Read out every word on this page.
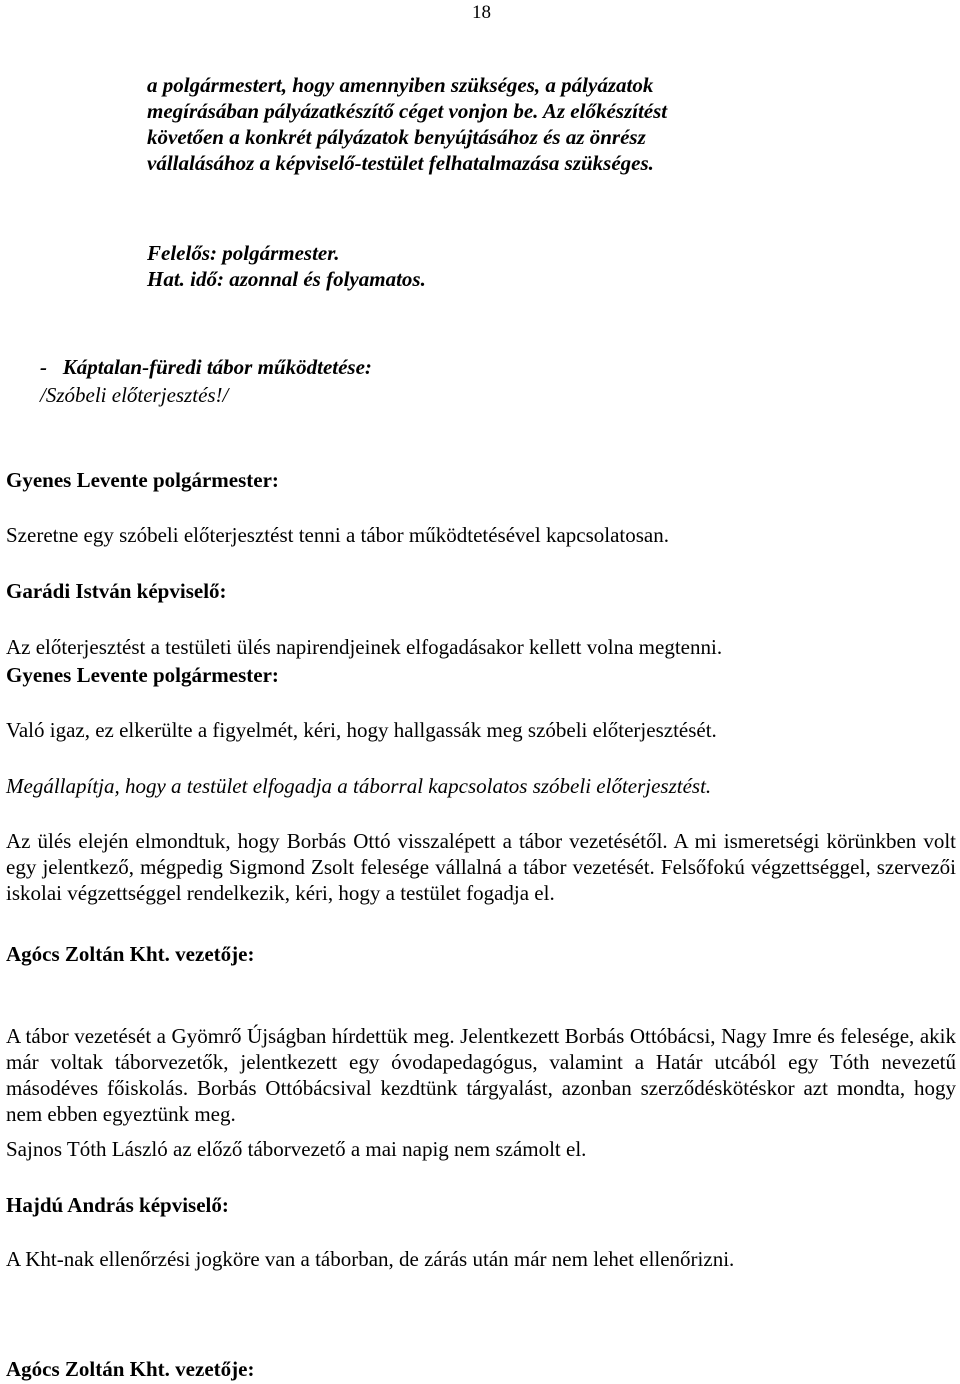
18
a polgármestert, hogy amennyiben szükséges, a pályázatok
megírásában pályázatkészítő céget vonjon be. Az előkészítést
követően a konkrét pályázatok benyújtásához és az önrész
vállalásához a képviselő-testület felhatalmazása szükséges.
Felelős: polgármester.
Hat. idő: azonnal és folyamatos.
-   Káptalan-füredi tábor működtetése:
/Szóbeli előterjesztés!/
Gyenes Levente polgármester:
Szeretne egy szóbeli előterjesztést tenni a tábor működtetésével kapcsolatosan.
Garádi István képviselő:
Az előterjesztést a testületi ülés napirendjeinek elfogadásakor kellett volna megtenni.
Gyenes Levente polgármester:
Való igaz, ez elkerülte a figyelmét, kéri, hogy hallgassák meg szóbeli előterjesztését.
Megállapítja, hogy a testület elfogadja a táborral kapcsolatos szóbeli előterjesztést.
Az ülés elején elmondtuk, hogy Borbás Ottó visszalépett a tábor vezetésétől. A mi ismeretségi körünkben volt egy jelentkező, mégpedig Sigmond Zsolt felesége vállalná a tábor vezetését. Felsőfokú végzettséggel, szervezői iskolai végzettséggel rendelkezik, kéri, hogy a testület fogadja el.
Agócs Zoltán Kht. vezetője:
A tábor vezetését a Gyömrő Újságban hírdettük meg. Jelentkezett Borbás Ottóbácsi, Nagy Imre és felesége, akik már voltak táborvezetők, jelentkezett egy óvodapedagógus, valamint a Határ utcából egy Tóth nevezetű másodéves főiskolás. Borbás Ottóbácsival kezdtünk tárgyalást, azonban szerződéskötéskor azt mondta, hogy nem ebben egyeztünk meg.
Sajnos Tóth László az előző táborvezető a mai napig nem számolt el.
Hajdú András képviselő:
A Kht-nak ellenőrzési jogköre van a táborban, de zárás után már nem lehet ellenőrizni.
Agócs Zoltán Kht. vezetője:
